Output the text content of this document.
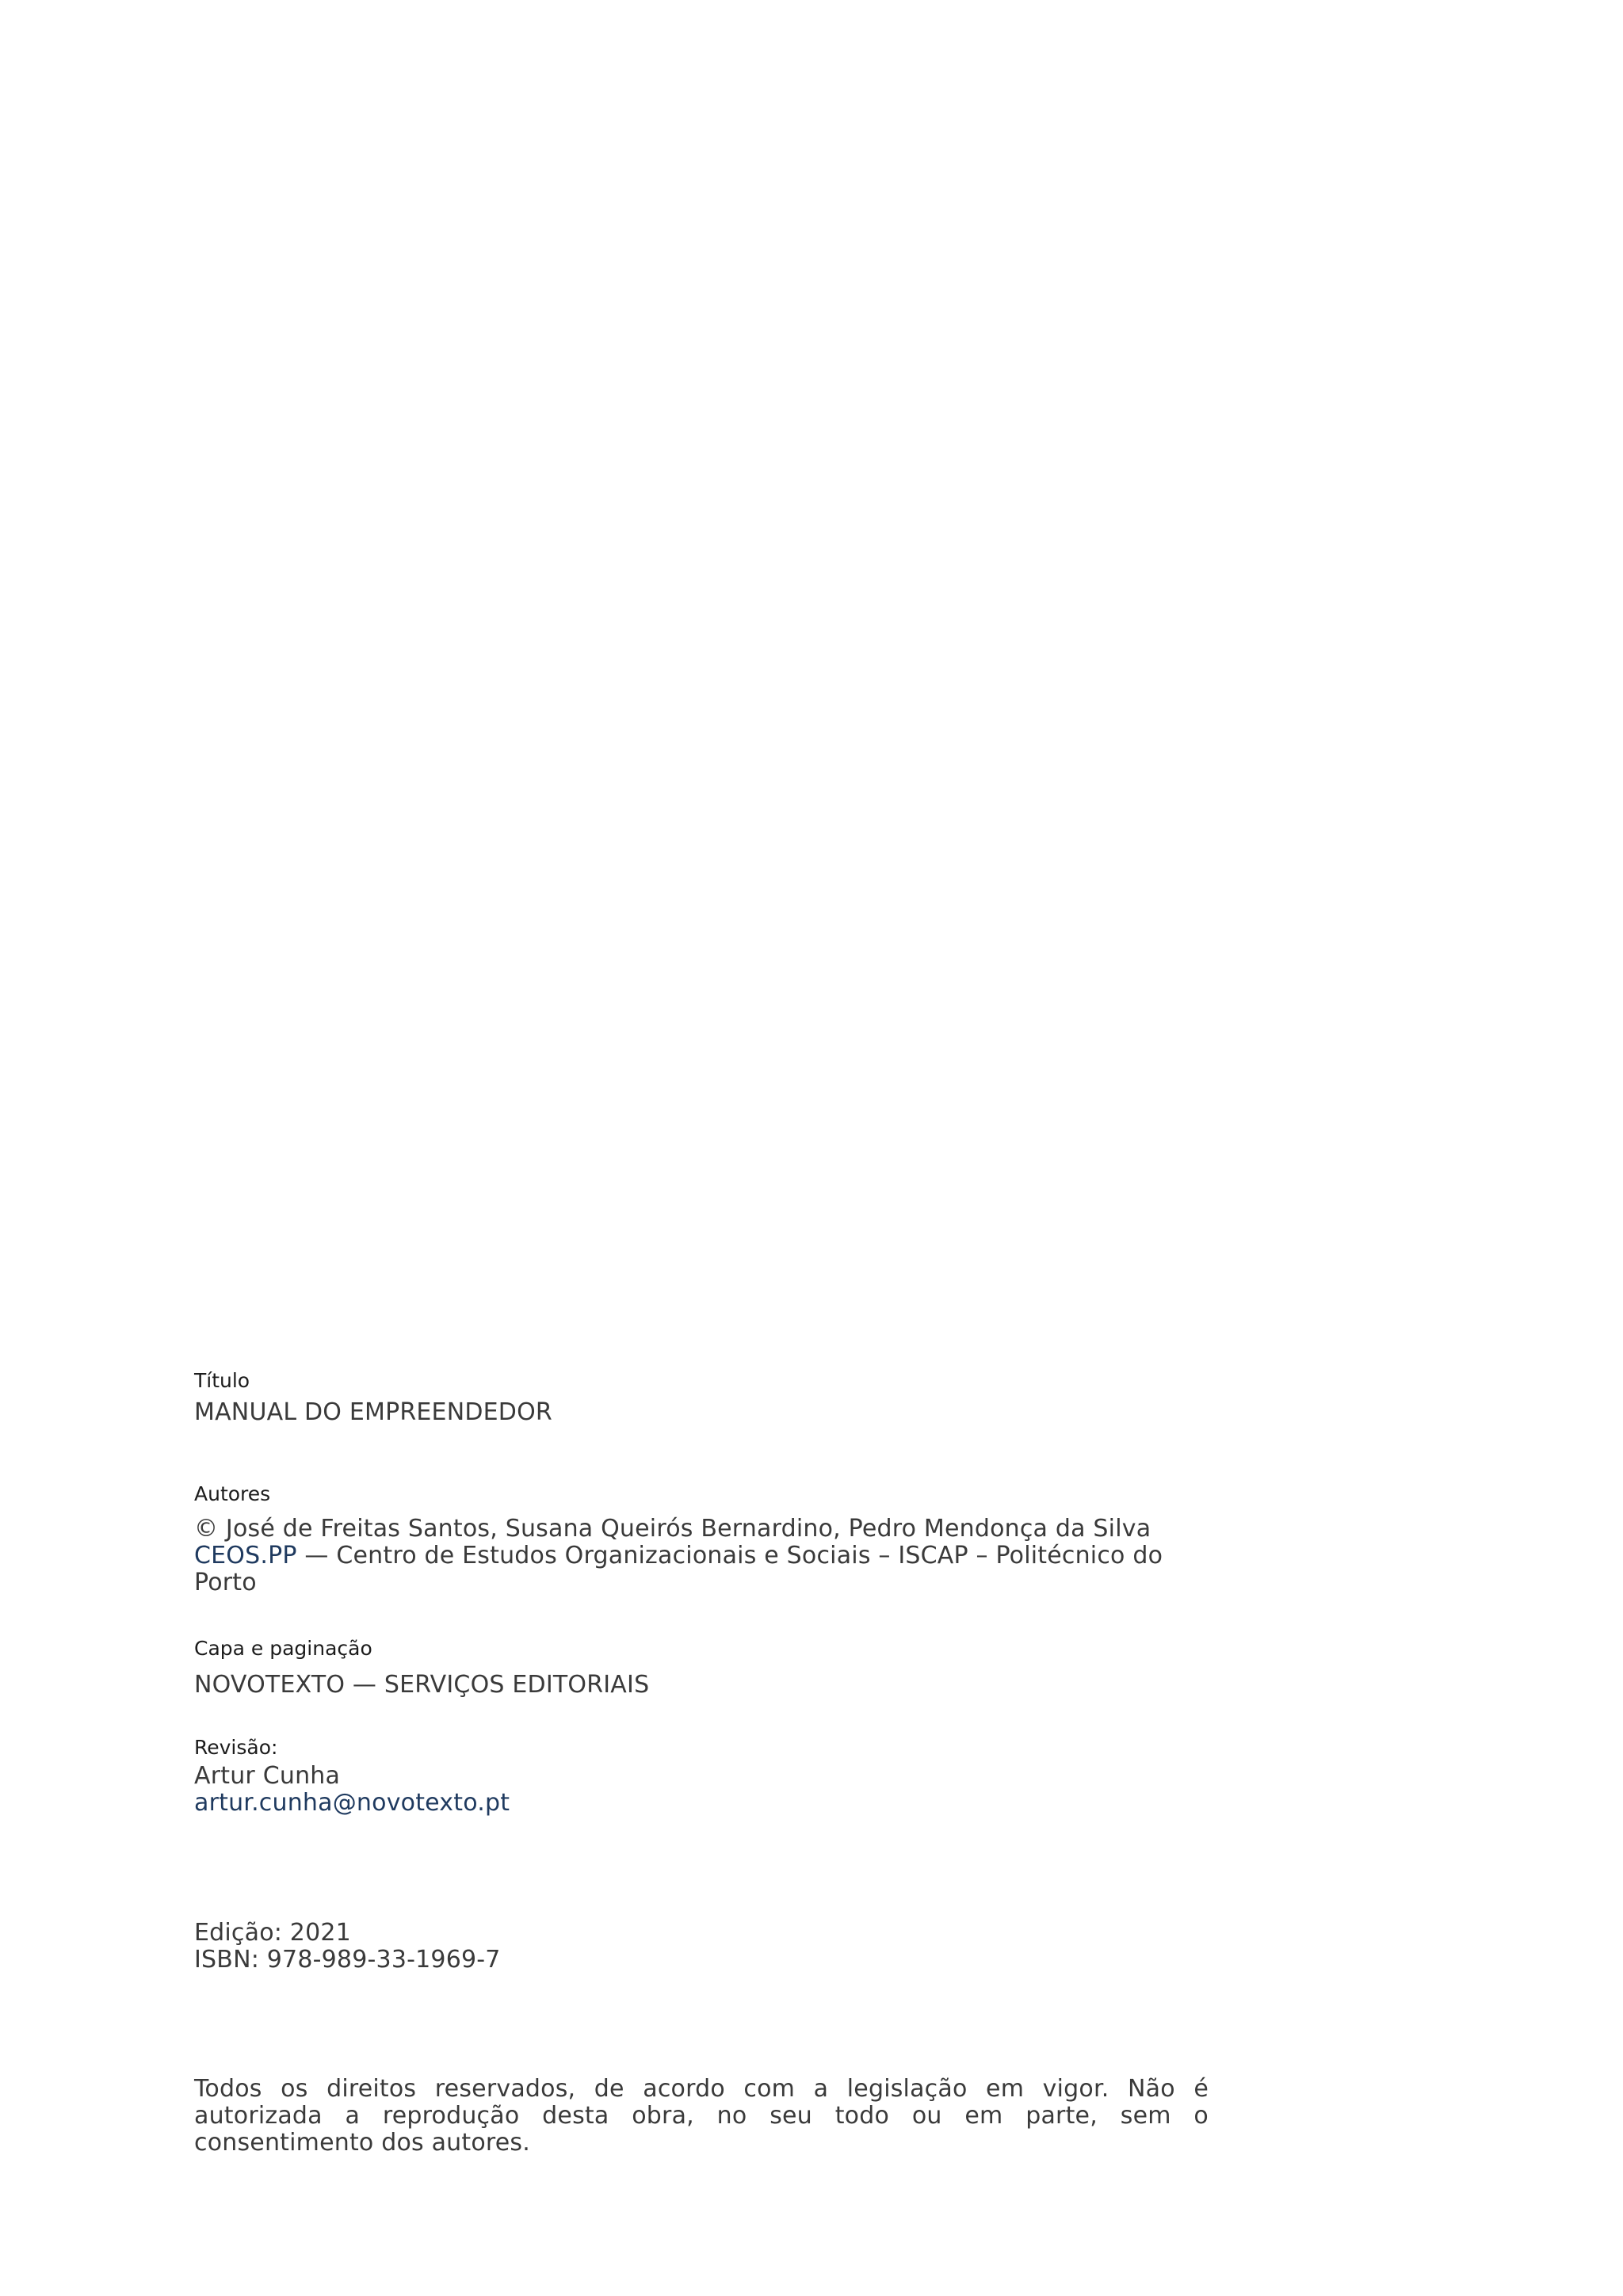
Título

MANUAL DO EMPREENDEDOR

Autores

© José de Freitas Santos, Susana Queirós Bernardino, Pedro Mendonça da Silva

CEOS.PP — Centro de Estudos Organizacionais e Sociais – ISCAP – Politécnico do Porto

Capa e paginação

NOVOTEXTO — SERVIÇOS EDITORIAIS

Revisão:

Artur Cunha

artur.cunha@novotexto.pt

Edição: 2021

ISBN: 978-989-33-1969-7

Todos os direitos reservados, de acordo com a legislação em vigor. Não é autorizada a reprodução desta obra, no seu todo ou em parte, sem o consentimento dos autores.
